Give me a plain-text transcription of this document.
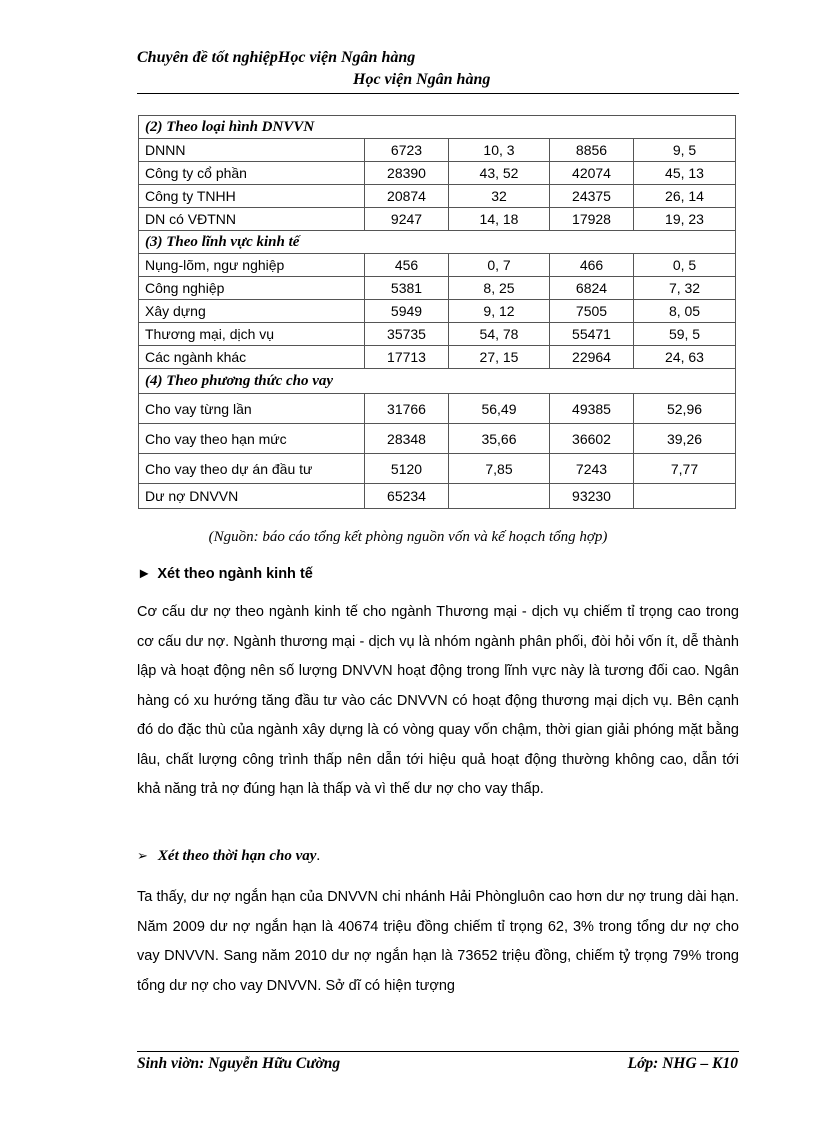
Chuyên đề tốt nghiệpHọc viện Ngân hàng
Học viện Ngân hàng
(2) Theo loại hình DNVVN				
DNNN	6723	10, 3	8856	9, 5
Công ty cổ phần	28390	43, 52	42074	45, 13
Công ty TNHH	20874	32	24375	26, 14
DN có VĐTNN	9247	14, 18	17928	19, 23
(3) Theo lĩnh vực kinh tế				
Nụng-lõm, ngư nghiệp	456	0, 7	466	0, 5
Công nghiệp	5381	8, 25	6824	7, 32
Xây dựng	5949	9, 12	7505	8, 05
Thương mại, dịch vụ	35735	54, 78	55471	59, 5
Các ngành khác	17713	27, 15	22964	24, 63
(4) Theo phương thức cho vay				
Cho vay từng lần	31766	56,49	49385	52,96
Cho vay theo hạn mức	28348	35,66	36602	39,26
Cho vay theo dự án đầu tư	5120	7,85	7243	7,77
Dư nợ DNVVN	65234		93230	
(Nguồn: báo cáo tổng kết phòng nguồn vốn và kế hoạch tổng hợp)
► Xét theo ngành kinh tế

Cơ cấu dư nợ theo ngành kinh tế cho ngành Thương mại - dịch vụ chiếm tỉ trọng cao trong cơ cấu dư nợ. Ngành thương mại - dịch vụ là nhóm ngành phân phối, đòi hỏi vốn ít, dễ thành lập và hoạt động nên số lượng DNVVN hoạt động trong lĩnh vực này là tương đối cao. Ngân hàng có xu hướng tăng đầu tư vào các DNVVN có hoạt động thương mại dịch vụ. Bên cạnh đó do đặc thù của ngành xây dựng là có vòng quay vốn chậm, thời gian giải phóng mặt bằng lâu, chất lượng công trình thấp nên dẫn tới hiệu quả hoạt động thường không cao, dẫn tới khả năng trả nợ đúng hạn là thấp và vì thế dư nợ cho vay thấp.

➢ Xét theo thời hạn cho vay.

Ta thấy, dư nợ ngắn hạn của DNVVN chi nhánh Hải Phòngluôn cao hơn dư nợ trung dài hạn. Năm 2009 dư nợ ngắn hạn là 40674 triệu đồng chiếm tỉ trọng 62, 3% trong tổng dư nợ cho vay DNVVN. Sang năm 2010 dư nợ ngắn hạn là 73652 triệu đồng, chiếm tỷ trọng 79% trong tổng dư nợ cho vay DNVVN. Sở dĩ có hiện tượng

Sinh viờn: Nguyễn Hữu Cường	Lớp: NHG – K10
